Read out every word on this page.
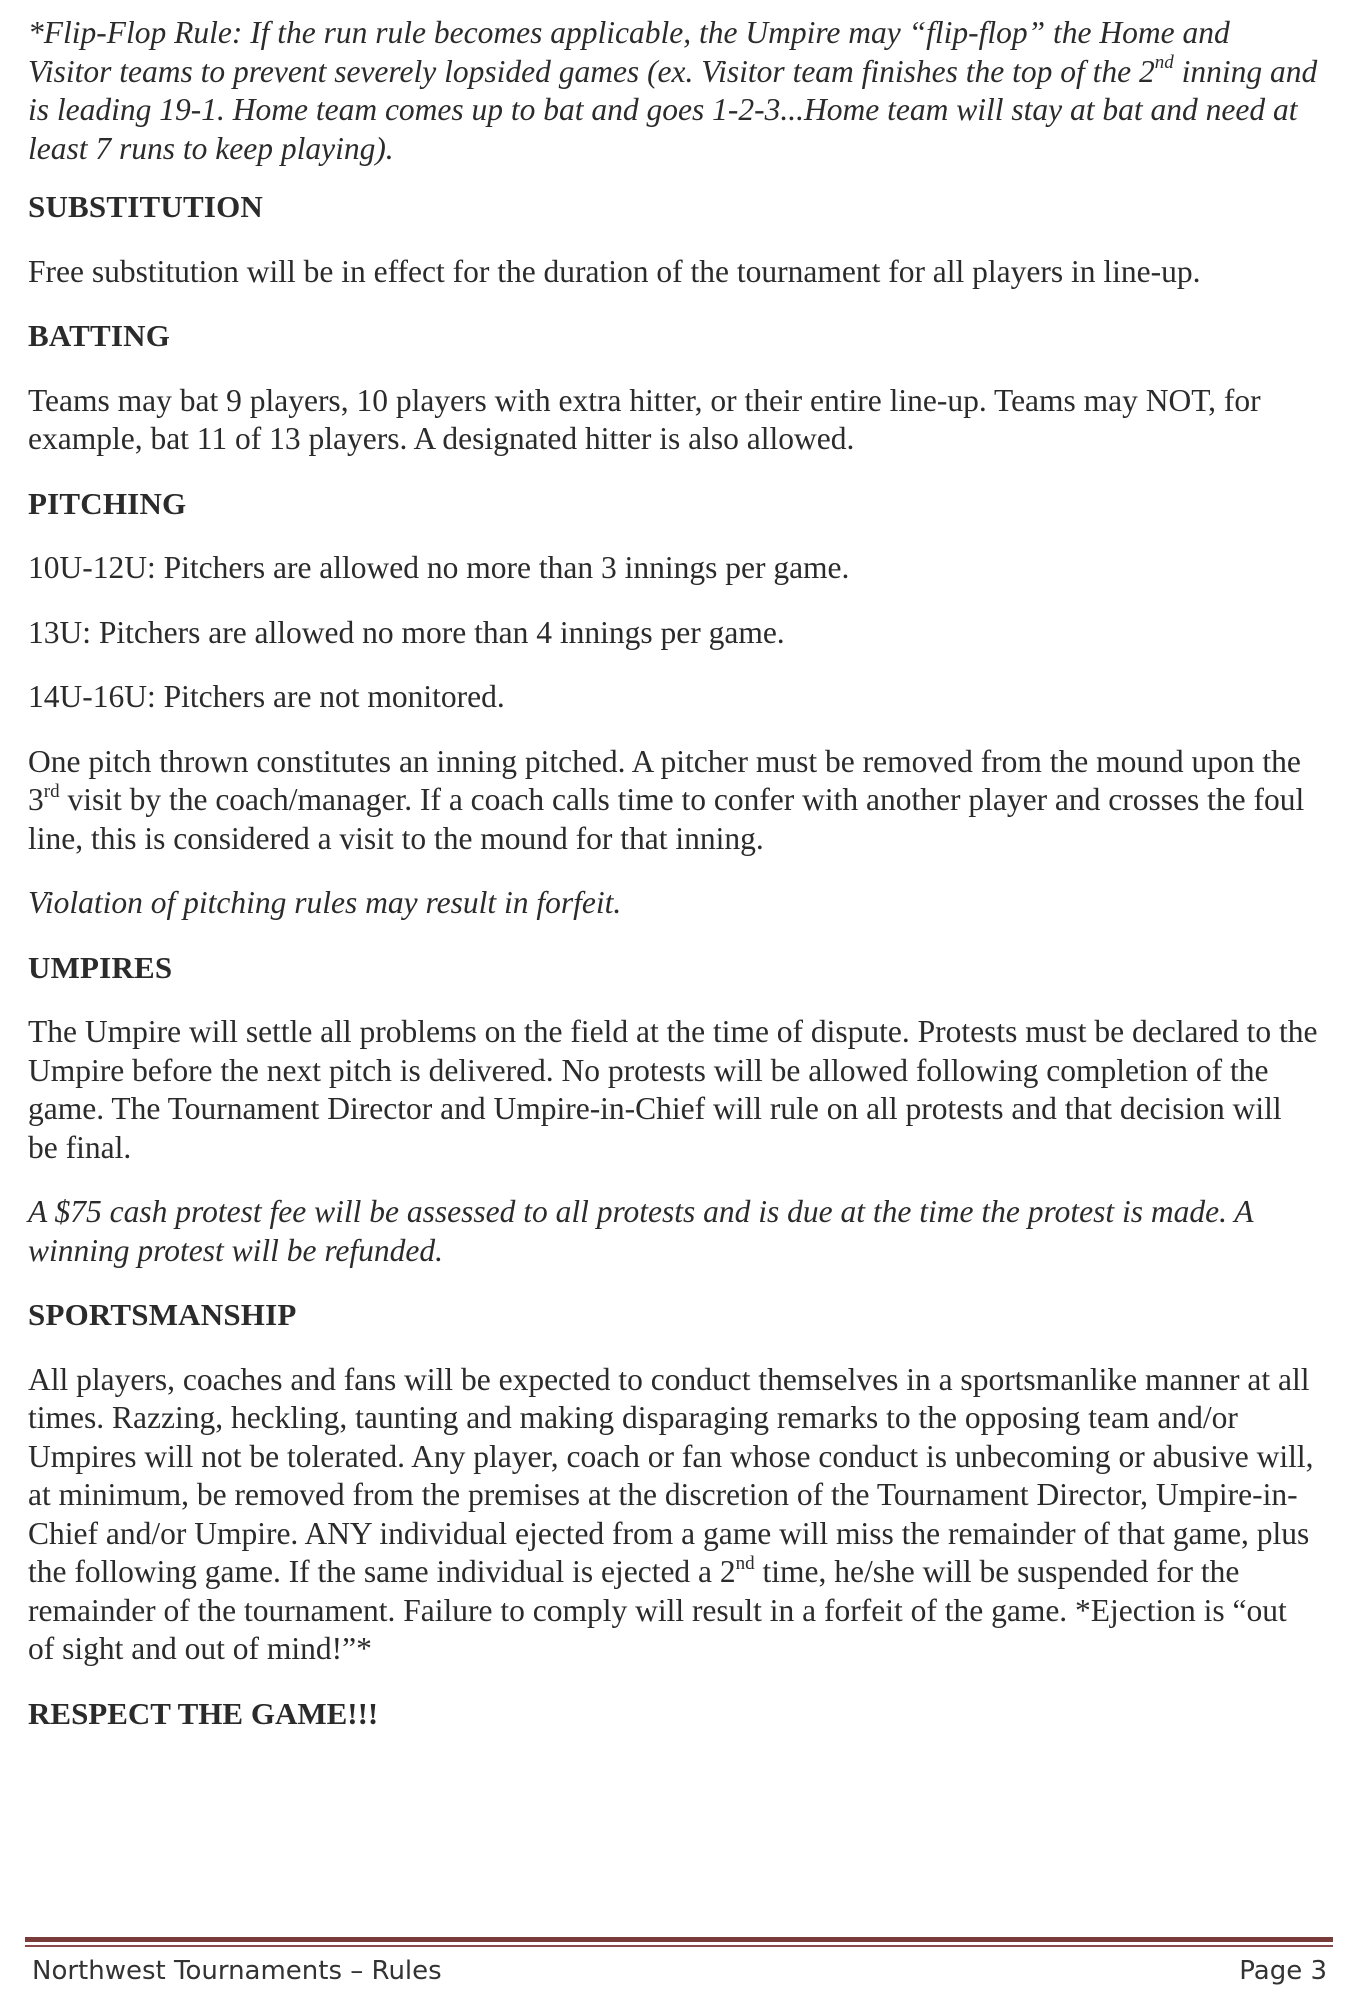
*Flip-Flop Rule: If the run rule becomes applicable, the Umpire may “flip-flop” the Home and Visitor teams to prevent severely lopsided games (ex. Visitor team finishes the top of the 2nd inning and is leading 19-1. Home team comes up to bat and goes 1-2-3...Home team will stay at bat and need at least 7 runs to keep playing).

SUBSTITUTION

Free substitution will be in effect for the duration of the tournament for all players in line-up.

BATTING

Teams may bat 9 players, 10 players with extra hitter, or their entire line-up. Teams may NOT, for example, bat 11 of 13 players. A designated hitter is also allowed.

PITCHING

10U-12U: Pitchers are allowed no more than 3 innings per game.

13U: Pitchers are allowed no more than 4 innings per game.

14U-16U: Pitchers are not monitored.

One pitch thrown constitutes an inning pitched. A pitcher must be removed from the mound upon the 3rd visit by the coach/manager. If a coach calls time to confer with another player and crosses the foul line, this is considered a visit to the mound for that inning.

Violation of pitching rules may result in forfeit.

UMPIRES

The Umpire will settle all problems on the field at the time of dispute. Protests must be declared to the Umpire before the next pitch is delivered. No protests will be allowed following completion of the game. The Tournament Director and Umpire-in-Chief will rule on all protests and that decision will be final.

A $75 cash protest fee will be assessed to all protests and is due at the time the protest is made. A winning protest will be refunded.

SPORTSMANSHIP

All players, coaches and fans will be expected to conduct themselves in a sportsmanlike manner at all times. Razzing, heckling, taunting and making disparaging remarks to the opposing team and/or Umpires will not be tolerated. Any player, coach or fan whose conduct is unbecoming or abusive will, at minimum, be removed from the premises at the discretion of the Tournament Director, Umpire-in-Chief and/or Umpire. ANY individual ejected from a game will miss the remainder of that game, plus the following game. If the same individual is ejected a 2nd time, he/she will be suspended for the remainder of the tournament. Failure to comply will result in a forfeit of the game. *Ejection is “out of sight and out of mind!”*

RESPECT THE GAME!!!

Northwest Tournaments – Rules	Page 3
